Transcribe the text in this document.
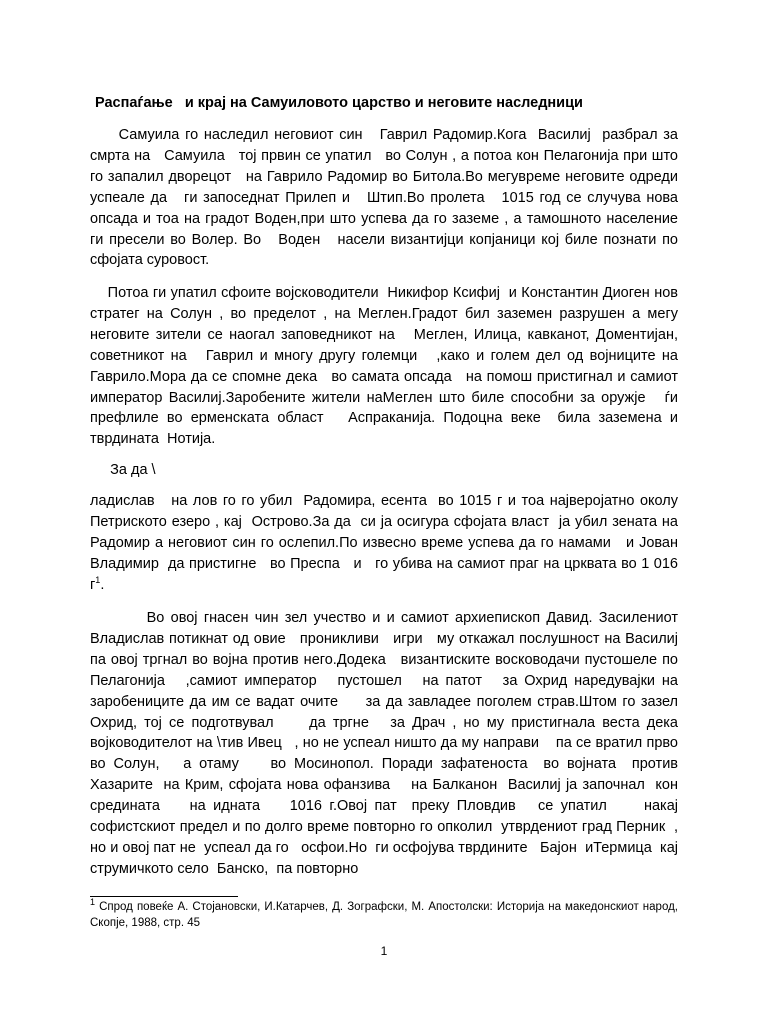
Распаѓање   и крај на Самуиловото царство и неговите наследници

Самуила го наследил неговиот син   Гаврил Радомир.Кога  Василиј  разбрал за смрта на   Самуила   тој првин се упатил   во Солун , а потоа кон Пелагонија при што го запалил дворецот   на Гаврило Радомир во Битола.Во мегувреме неговите одреди успеале да   ги запоседнат Прилеп и   Штип.Во пролета   1015 год се случува нова опсада и тоа на градот Воден,при што успева да го заземе , а тамошното население ги пресели во Волер. Во   Воден   насели византијци копјаници кој биле познати по сфојата суровост.

Потоа ги упатил сфоите војсководители  Никифор Ксифиј  и Константин Диоген нов стратег на Солун , во пределот , на Меглен.Градот бил заземен разрушен а мегу неговите зители се наогал заповедникот на   Меглен, Илица, кавканот, Доментијан, советникот на   Гаврил и многу другу големци   ,како и голем дел од војниците на Гаврило.Мора да се спомне дека   во самата опсада   на помош пристигнал и самиот   император Василиј.Заробените жители наМеглен што биле способни за оружје   ѓи префлиле во ерменската област   Аспраканија. Подоцна веке  била заземена и тврдината  Нотија.

За да \

ладислав   на лов го го убил  Радомира, есента  во 1015 г и тоа најверојатно околу Петриското езеро , кај  Острово.За да  си ја осигура сфојата власт  ја убил зената на Радомир а неговиот син го ослепил.По извесно време успева да го намами   и Јован Владимир  да пристигне   во Преспа   и   го убива на самиот праг на црквата во 1 016 $г^1$.

Во овој гнасен чин зел учество и и самиот архиепископ Давид. Засилениот Владислав потикнат од овие   проникливи   игри   му откажал послушност на Василиј па овој тргнал во војна против него.Додека   византиските восководачи пустошеле по Пелагонија   ,самиот император   пустошел   на патот   за Охрид наредувајки на заробениците да им се вадат очите     за да завладее поголем страв.Штом го зазел   Охрид, тој се подготвувал     да тргне   за Драч , но му пристигнала веста дека војководителот на \тив Ивец   , но не успеал ништо да му направи    па се вратил прво во Солун,   а отаму    во Мосинопол. Поради зафатеноста  во војната  против Хазарите  на Крим, сфојата нова офанзива    на Балканон  Василиј ја започнал  кон средината    на идната    1016 г.Овој пат  преку Пловдив   се упатил     накај софистскиот предел и по долго време повторно го опколил  утврдениот град Перник  , но и овој пат не  успеал да го   осфои.Но  ги осфојува тврдините   Бајон  иТермица  кај струмичкото село  Банско,  па повторно

$^1$ Спрод повеќе А. Стојановски, И.Катарчев, Д. Зографски, М. Апостолски: Историја на македонскиот народ, Скопје, 1988, стр. 45
1
